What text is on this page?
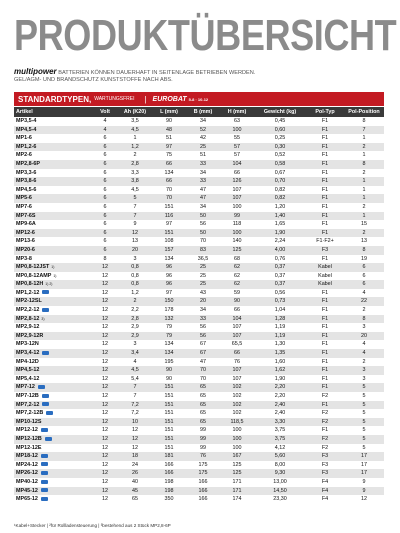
PRODUKTÜBERSICHT
multipower BATTERIEN KÖNNEN DAUERHAFT IN SEITENLAGE BETRIEBEN WERDEN.
GEL/AGM- UND BRANDSCHUTZ KUNSTSTOFFE NACH ABS.
STANDARDTYPEN, WARTUNGSFREI | EUROBAT 5-8 · 10-12
Artikel	Volt	Ah (K20)	L (mm)	B (mm)	H (mm)	Gewicht (kg)	Pol-Typ	Pol-Position
MP3,5-4	4	3,5	90	34	63	0,45	F1	8
MP4,5-4	4	4,5	48	52	100	0,60	F1	7
MP1-6	6	1	51	42	55	0,25	F1	1
MP1,2-6	6	1,2	97	25	57	0,30	F1	2
MP2-6	6	2	75	51	57	0,52	F1	1
MP2,8-6P	6	2,8	66	33	104	0,58	F1	8
MP3,3-6	6	3,3	134	34	66	0,67	F1	2
MP3,8-6	6	3,8	66	33	126	0,70	F1	1
MP4,5-6	6	4,5	70	47	107	0,82	F1	1
MP5-6	6	5	70	47	107	0,82	F1	1
MP7-6	6	7	151	34	100	1,20	F1	2
MP7-6S	6	7	116	50	99	1,40	F1	1
MP9-6A	6	9	97	56	118	1,65	F1	15
MP12-6	6	12	151	50	100	1,90	F1	2
MP13-6	6	13	108	70	140	2,24	F1·F2+	13
MP20-6	6	20	157	83	125	4,00	F3	8
MP3-8	8	3	134	36,5	68	0,76	F1	19
MP0,8-12JST $^{1)}$	12	0,8	96	25	62	0,37	Kabel	6
MP0,8-12AMP $^{1)}$	12	0,8	96	25	62	0,37	Kabel	6
MP0,8-12H $^{1) 2)}$	12	0,8	96	25	62	0,37	Kabel	6
MP1,2-12	12	1,2	97	43	59	0,56	F1	4
MP2-12SL	12	2	150	20	90	0,73	F1	22
MP2,2-12	12	2,2	178	34	66	1,04	F1	2
MP2,8-12 $^{3)}$	12	2,8	132	33	104	1,28	F1	8
MP2,9-12	12	2,9	79	56	107	1,19	F1	3
MP2,9-12R	12	2,9	79	56	107	1,19	F1	20
MP3-12N	12	3	134	67	65,5	1,30	F1	4
MP3,4-12	12	3,4	134	67	66	1,35	F1	4
MP4-12D	12	4	195	47	76	1,60	F1	2
MP4,5-12	12	4,5	90	70	107	1,62	F1	3
MP5,4-12	12	5,4	90	70	107	1,90	F1	3
MP7-12	12	7	151	65	102	2,20	F1	5
MP7-12B	12	7	151	65	102	2,20	F2	5
MP7,2-12	12	7,2	151	65	102	2,40	F1	5
MP7,2-12B	12	7,2	151	65	102	2,40	F2	5
MP10-12S	12	10	151	65	118,5	3,30	F2	5
MP12-12	12	12	151	99	100	3,75	F1	5
MP12-12B	12	12	151	99	100	3,75	F2	5
MP12-12E	12	12	151	99	100	4,12	F2	5
MP18-12	12	18	181	76	167	5,60	F3	17
MP24-12	12	24	166	175	125	8,00	F3	17
MP26-12	12	26	166	175	125	9,30	F3	17
MP40-12	12	40	198	166	171	13,00	F4	9
MP45-12	12	45	198	166	171	14,50	F4	9
MP65-12	12	65	350	166	174	23,30	F4	12
¹Kabel+Stecker | ²für Rollladensteuerung | ³bestehend aus 2 Stück MP2,8-6P
